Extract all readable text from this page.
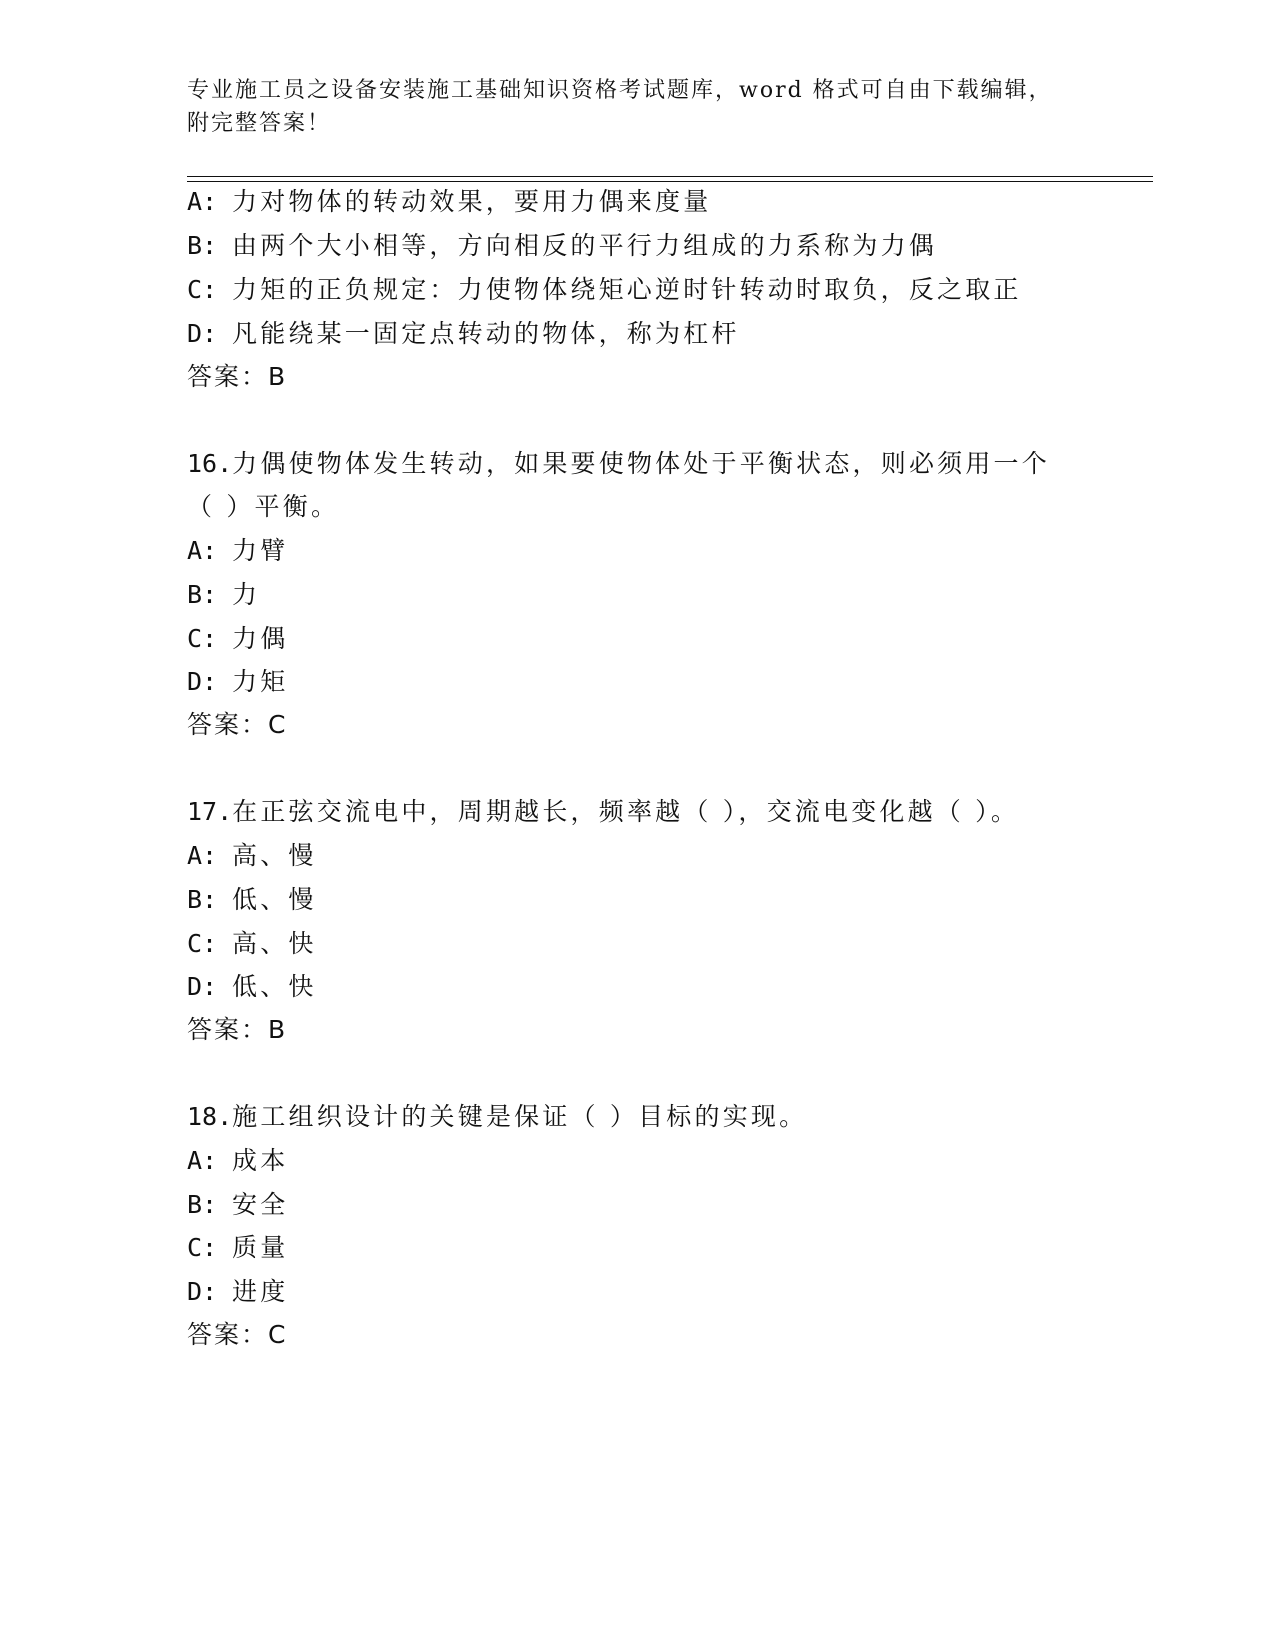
专业施工员之设备安装施工基础知识资格考试题库，word 格式可自由下载编辑，
附完整答案！
A: 力对物体的转动效果，要用力偶来度量
B: 由两个大小相等，方向相反的平行力组成的力系称为力偶
C: 力矩的正负规定：力使物体绕矩心逆时针转动时取负，反之取正
D: 凡能绕某一固定点转动的物体，称为杠杆
答案：B
16.力偶使物体发生转动，如果要使物体处于平衡状态，则必须用一个
（ ）平衡。
A: 力臂
B: 力
C: 力偶
D: 力矩
答案：C
17.在正弦交流电中，周期越长，频率越（ ），交流电变化越（ ）。
A: 高、慢
B: 低、慢
C: 高、快
D: 低、快
答案：B
18.施工组织设计的关键是保证（ ）目标的实现。
A: 成本
B: 安全
C: 质量
D: 进度
答案：C
